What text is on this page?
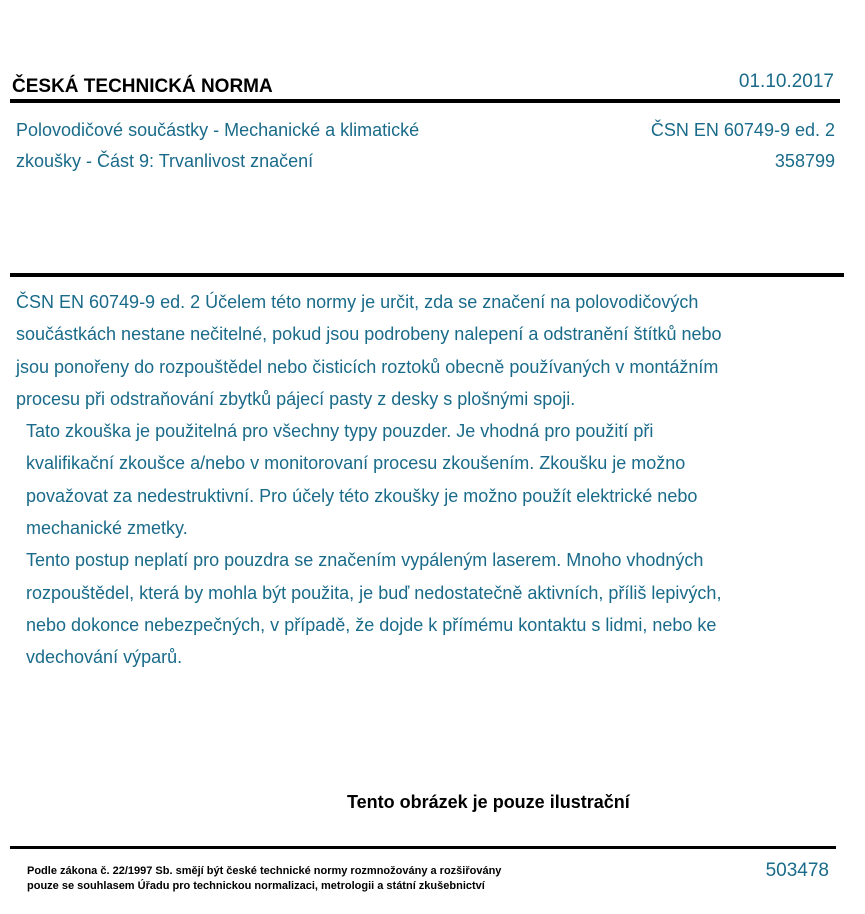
ČESKÁ TECHNICKÁ NORMA	01.10.2017
Polovodičové součástky - Mechanické a klimatické
zkoušky - Část 9: Trvanlivost značení
ČSN EN 60749-9 ed. 2
358799

ČSN EN 60749-9 ed. 2 Účelem této normy je určit, zda se značení na polovodičových součástkách nestane nečitelné, pokud jsou podrobeny nalepení a odstranění štítků nebo jsou ponořeny do rozpouštědel nebo čisticích roztoků obecně používaných v montážním procesu při odstraňování zbytků pájecí pasty z desky s plošnými spoji.

Tato zkouška je použitelná pro všechny typy pouzder. Je vhodná pro použití při kvalifikační zkoušce a/nebo v monitorovaní procesu zkoušením. Zkoušku je možno považovat za nedestruktivní. Pro účely této zkoušky je možno použít elektrické nebo mechanické zmetky.

Tento postup neplatí pro pouzdra se značením vypáleným laserem. Mnoho vhodných rozpouštědel, která by mohla být použita, je buď nedostatečně aktivních, příliš lepivých, nebo dokonce nebezpečných, v případě, že dojde k přímému kontaktu s lidmi, nebo ke vdechování výparů.

Tento obrázek je pouze ilustrační
Podle zákona č. 22/1997 Sb. smějí být české technické normy rozmnožovány a rozšiřovány
pouze se souhlasem Úřadu pro technickou normalizaci, metrologii a státní zkušebnictví
503478
